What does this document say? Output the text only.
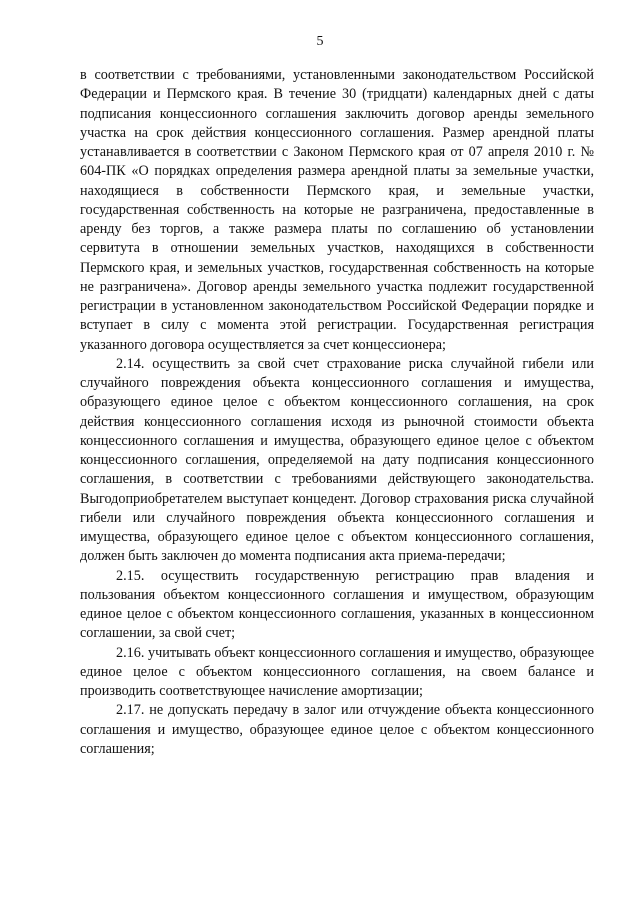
5

в соответствии с требованиями, установленными законодательством Российской Федерации и Пермского края. В течение 30 (тридцати) календарных дней с даты подписания концессионного соглашения заключить договор аренды земельного участка на срок действия концессионного соглашения. Размер арендной платы устанавливается в соответствии с Законом Пермского края от 07 апреля 2010 г. № 604-ПК «О порядках определения размера арендной платы за земельные участки, находящиеся в собственности Пермского края, и земельные участки, государственная собственность на которые не разграничена, предоставленные в аренду без торгов, а также размера платы по соглашению об установлении сервитута в отношении земельных участков, находящихся в собственности Пермского края, и земельных участков, государственная собственность на которые не разграничена». Договор аренды земельного участка подлежит государственной регистрации в установленном законодательством Российской Федерации порядке и вступает в силу с момента этой регистрации. Государственная регистрация указанного договора осуществляется за счет концессионера;

2.14. осуществить за свой счет страхование риска случайной гибели или случайного повреждения объекта концессионного соглашения и имущества, образующего единое целое с объектом концессионного соглашения, на срок действия концессионного соглашения исходя из рыночной стоимости объекта концессионного соглашения и имущества, образующего единое целое с объектом концессионного соглашения, определяемой на дату подписания концессионного соглашения, в соответствии с требованиями действующего законодательства. Выгодоприобретателем выступает концедент. Договор страхования риска случайной гибели или случайного повреждения объекта концессионного соглашения и имущества, образующего единое целое с объектом концессионного соглашения, должен быть заключен до момента подписания акта приема-передачи;

2.15. осуществить государственную регистрацию прав владения и пользования объектом концессионного соглашения и имуществом, образующим единое целое с объектом концессионного соглашения, указанных в концессионном соглашении, за свой счет;

2.16. учитывать объект концессионного соглашения и имущество, образующее единое целое с объектом концессионного соглашения, на своем балансе и производить соответствующее начисление амортизации;

2.17. не допускать передачу в залог или отчуждение объекта концессионного соглашения и имущество, образующее единое целое с объектом концессионного соглашения;
